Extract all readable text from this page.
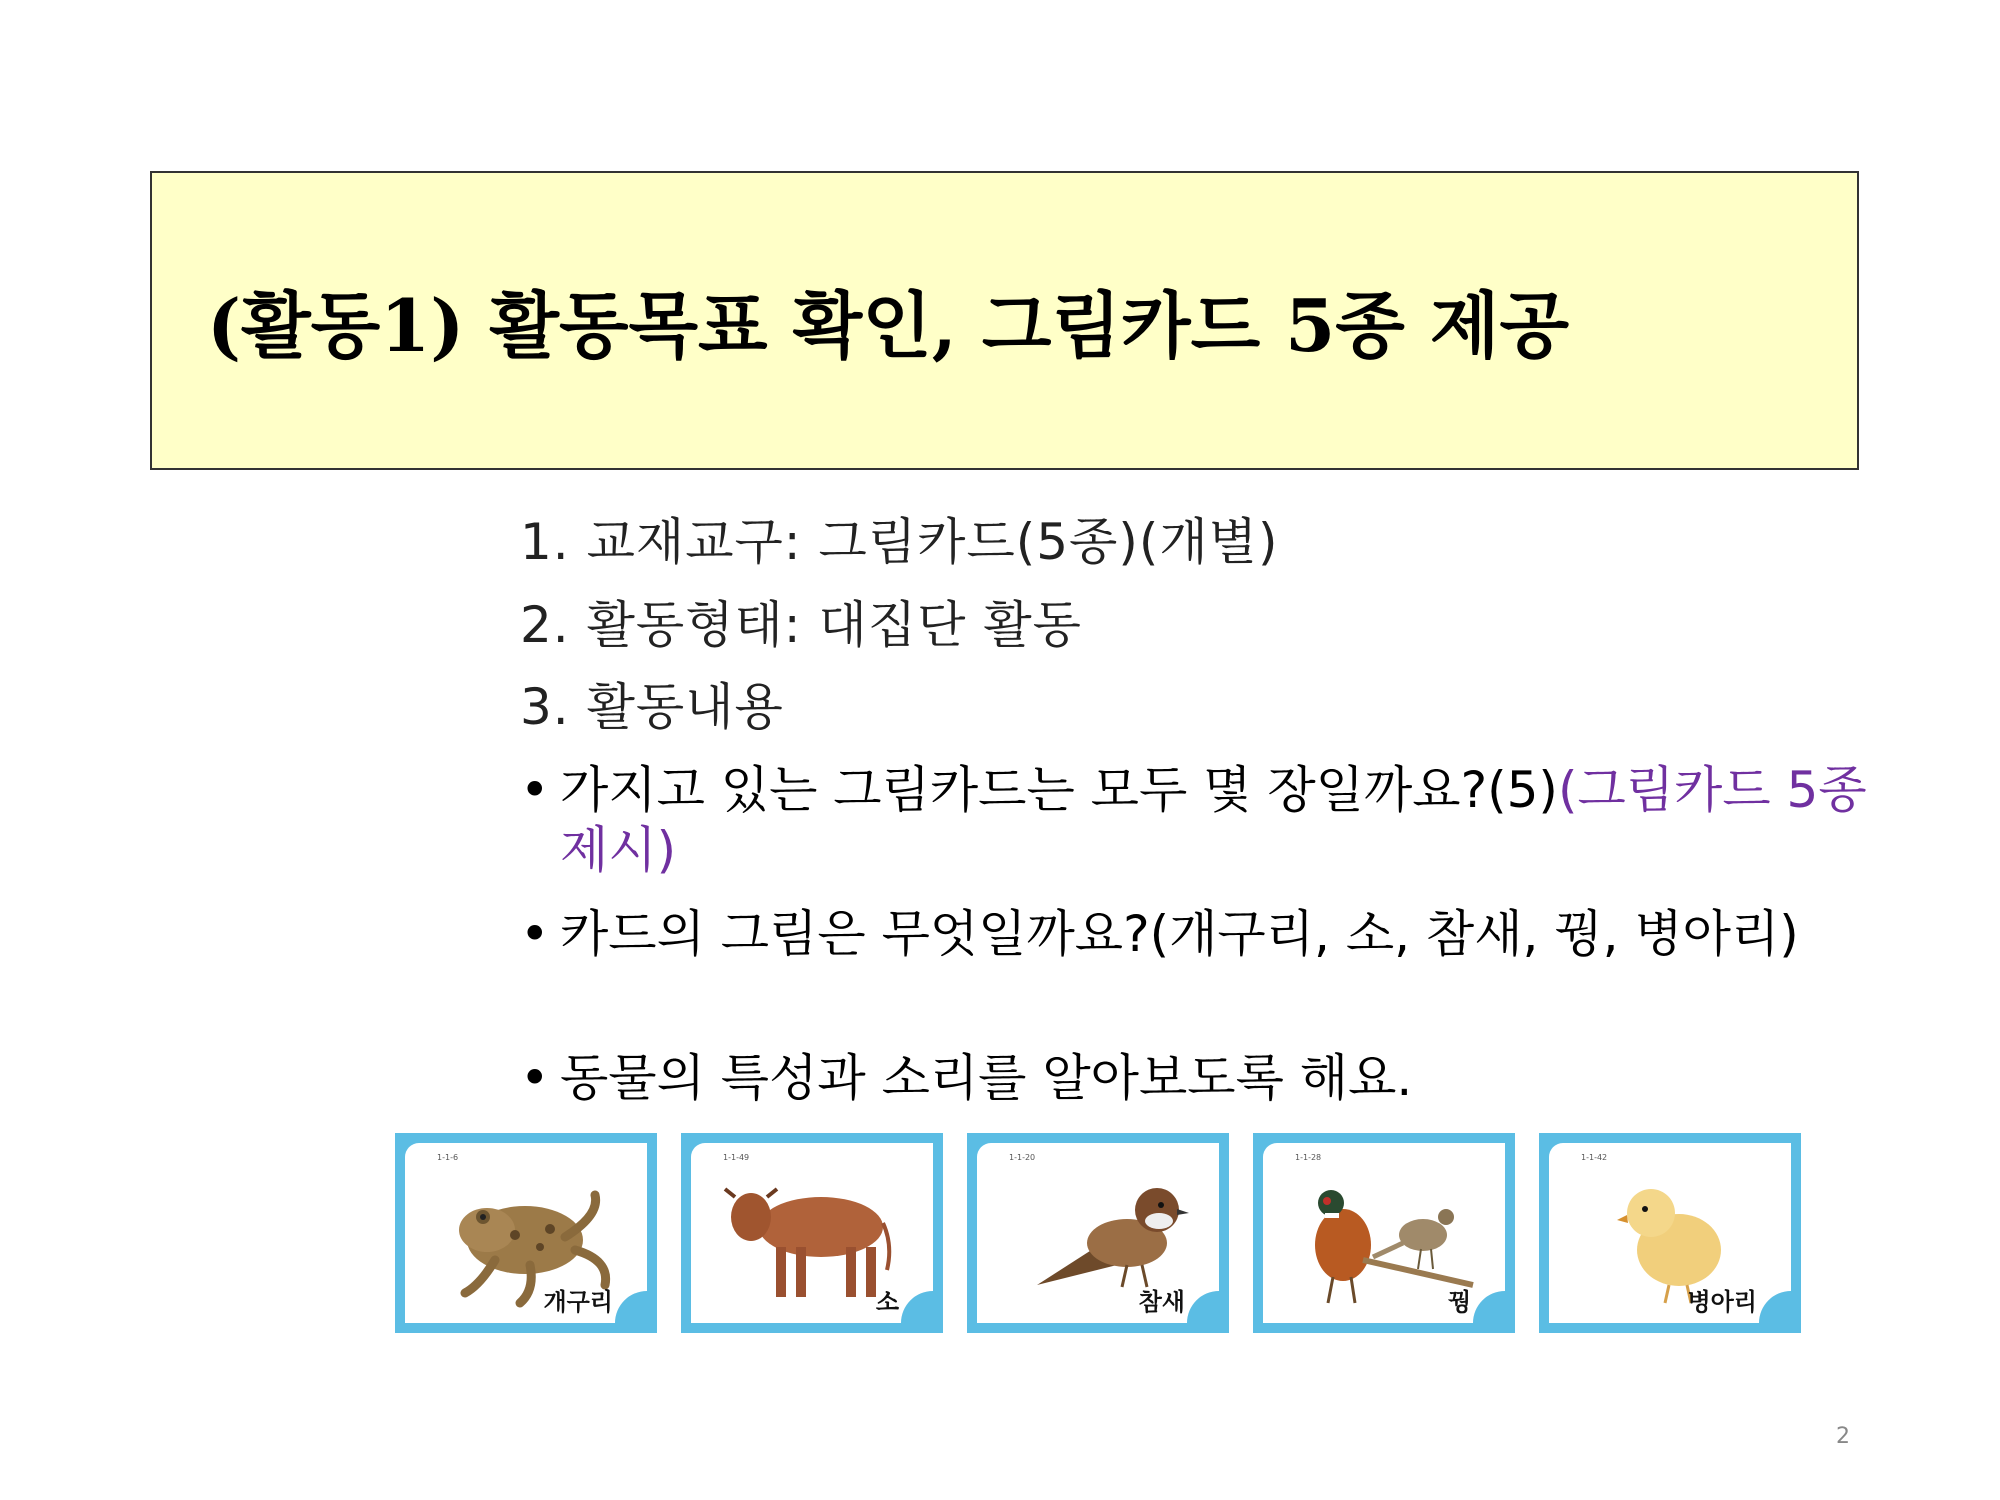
(활동1) 활동목표 확인, 그림카드 5종 제공
1. 교재교구: 그림카드(5종)(개별)
2. 활동형태: 대집단 활동
3. 활동내용
• 가지고 있는 그림카드는 모두 몇 장일까요?(5)(그림카드 5종 제시)
• 카드의 그림은 무엇일까요?(개구리, 소, 참새, 꿩, 병아리)
• 동물의 특성과 소리를 알아보도록 해요.
1-1-6
개구리
1-1-49
소
1-1-20
참새
1-1-28
꿩
1-1-42
병아리
2
